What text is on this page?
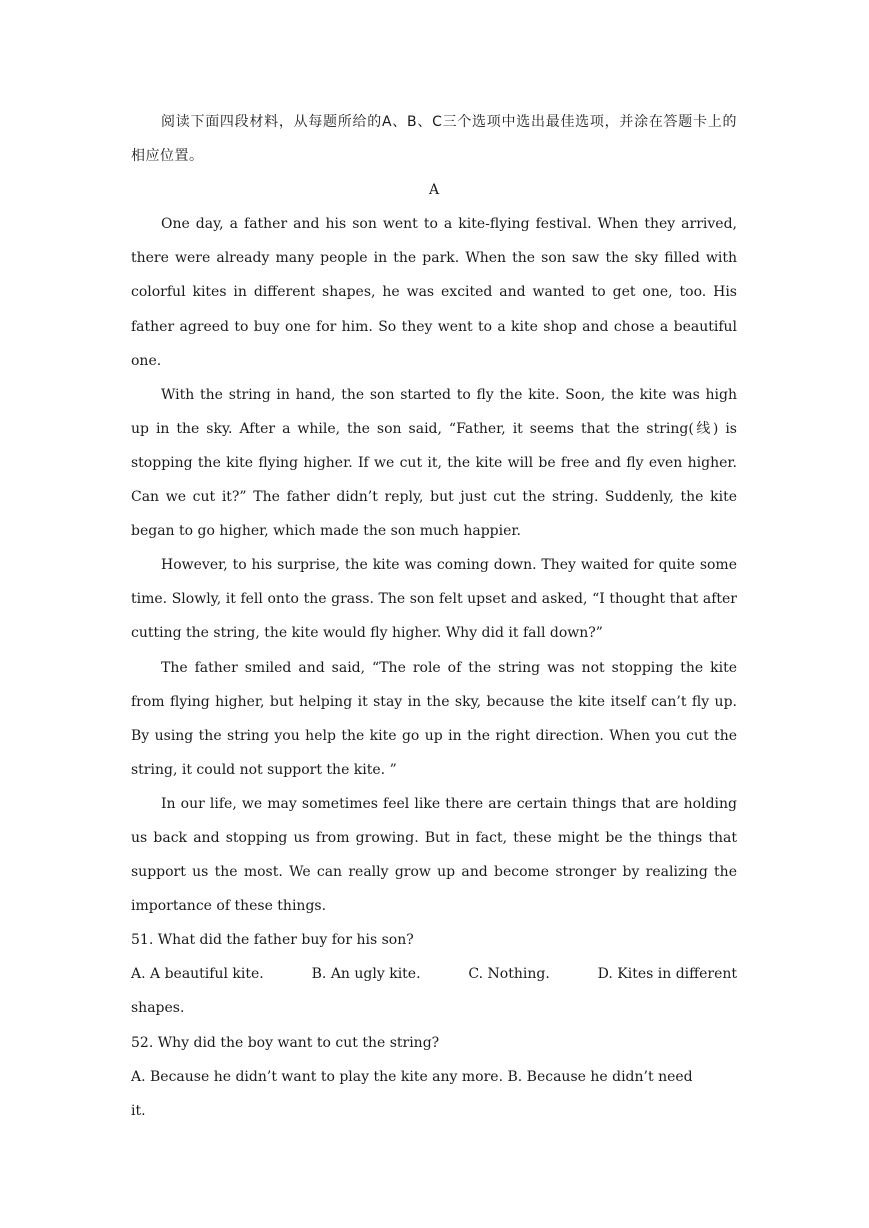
阅读下面四段材料，从每题所给的A、B、C三个选项中选出最佳选项，并涂在答题卡上的相应位置。

A

One day, a father and his son went to a kite-flying festival. When they arrived, there were already many people in the park. When the son saw the sky filled with colorful kites in different shapes, he was excited and wanted to get one, too. His father agreed to buy one for him. So they went to a kite shop and chose a beautiful one.

With the string in hand, the son started to fly the kite. Soon, the kite was high up in the sky. After a while, the son said, “Father, it seems that the string(线) is stopping the kite flying higher. If we cut it, the kite will be free and fly even higher. Can we cut it?” The father didn’t reply, but just cut the string. Suddenly, the kite began to go higher, which made the son much happier.

However, to his surprise, the kite was coming down. They waited for quite some time. Slowly, it fell onto the grass. The son felt upset and asked, “I thought that after cutting the string, the kite would fly higher. Why did it fall down?”

The father smiled and said, “The role of the string was not stopping the kite from flying higher, but helping it stay in the sky, because the kite itself can’t fly up. By using the string you help the kite go up in the right direction. When you cut the string, it could not support the kite. ”

In our life, we may sometimes feel like there are certain things that are holding us back and stopping us from growing. But in fact, these might be the things that support us the most. We can really grow up and become stronger by realizing the importance of these things.

51. What did the father buy for his son?
A. A beautiful kite.	B. An ugly kite.	C. Nothing.	D. Kites in different
shapes.
52. Why did the boy want to cut the string?
A. Because he didn’t want to play the kite any more. B. Because he didn’t need
it.
